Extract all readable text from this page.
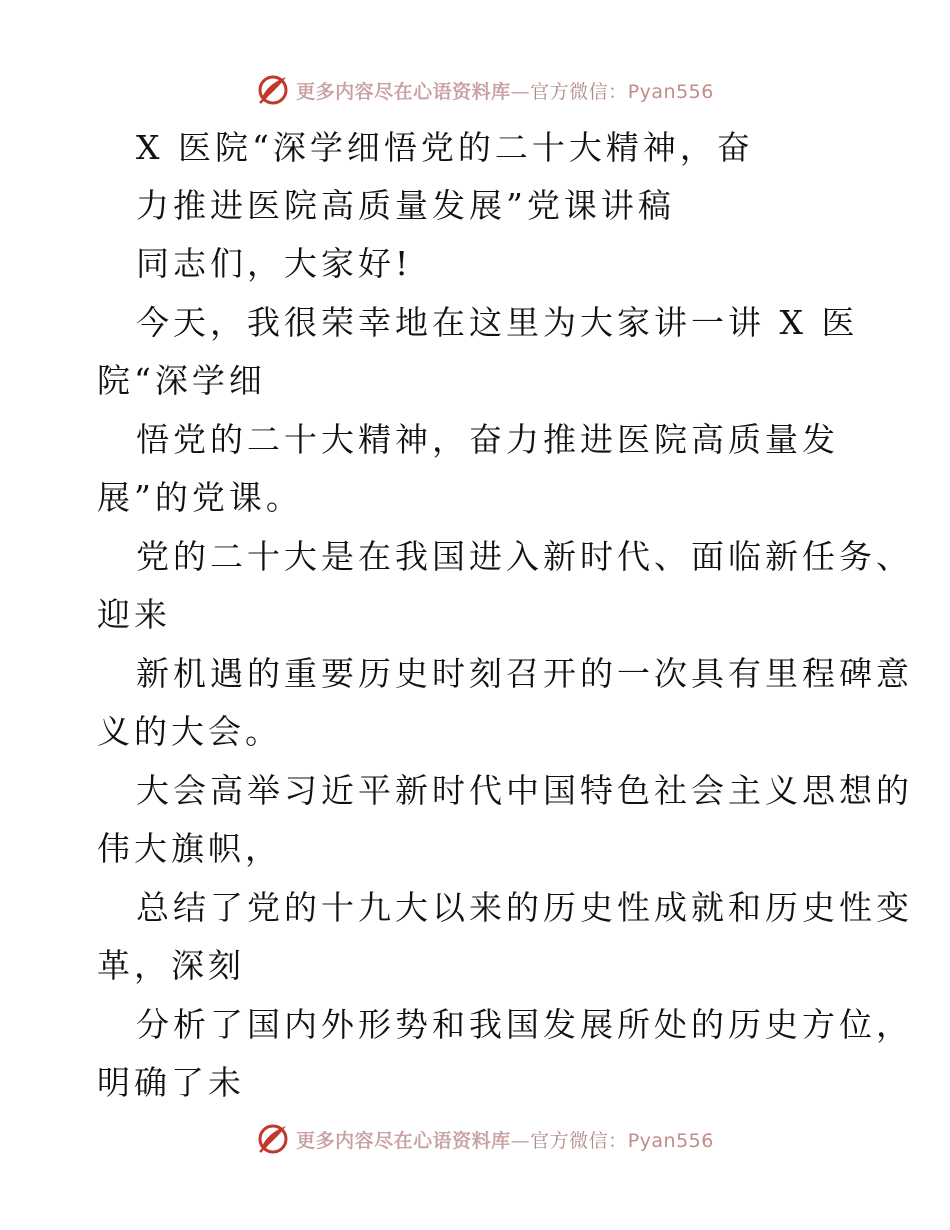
更多内容尽在心语资料库—官方微信：Pyan556
X 医院“深学细悟党的二十大精神，奋
力推进医院高质量发展”党课讲稿
同志们，大家好!
今天，我很荣幸地在这里为大家讲一讲 X 医
院“深学细
悟党的二十大精神，奋力推进医院高质量发
展”的党课。
党的二十大是在我国进入新时代、面临新任务、
迎来
新机遇的重要历史时刻召开的一次具有里程碑意
义的大会。
大会高举习近平新时代中国特色社会主义思想的
伟大旗帜，
总结了党的十九大以来的历史性成就和历史性变
革，深刻
分析了国内外形势和我国发展所处的历史方位，
明确了未
更多内容尽在心语资料库—官方微信：Pyan556
